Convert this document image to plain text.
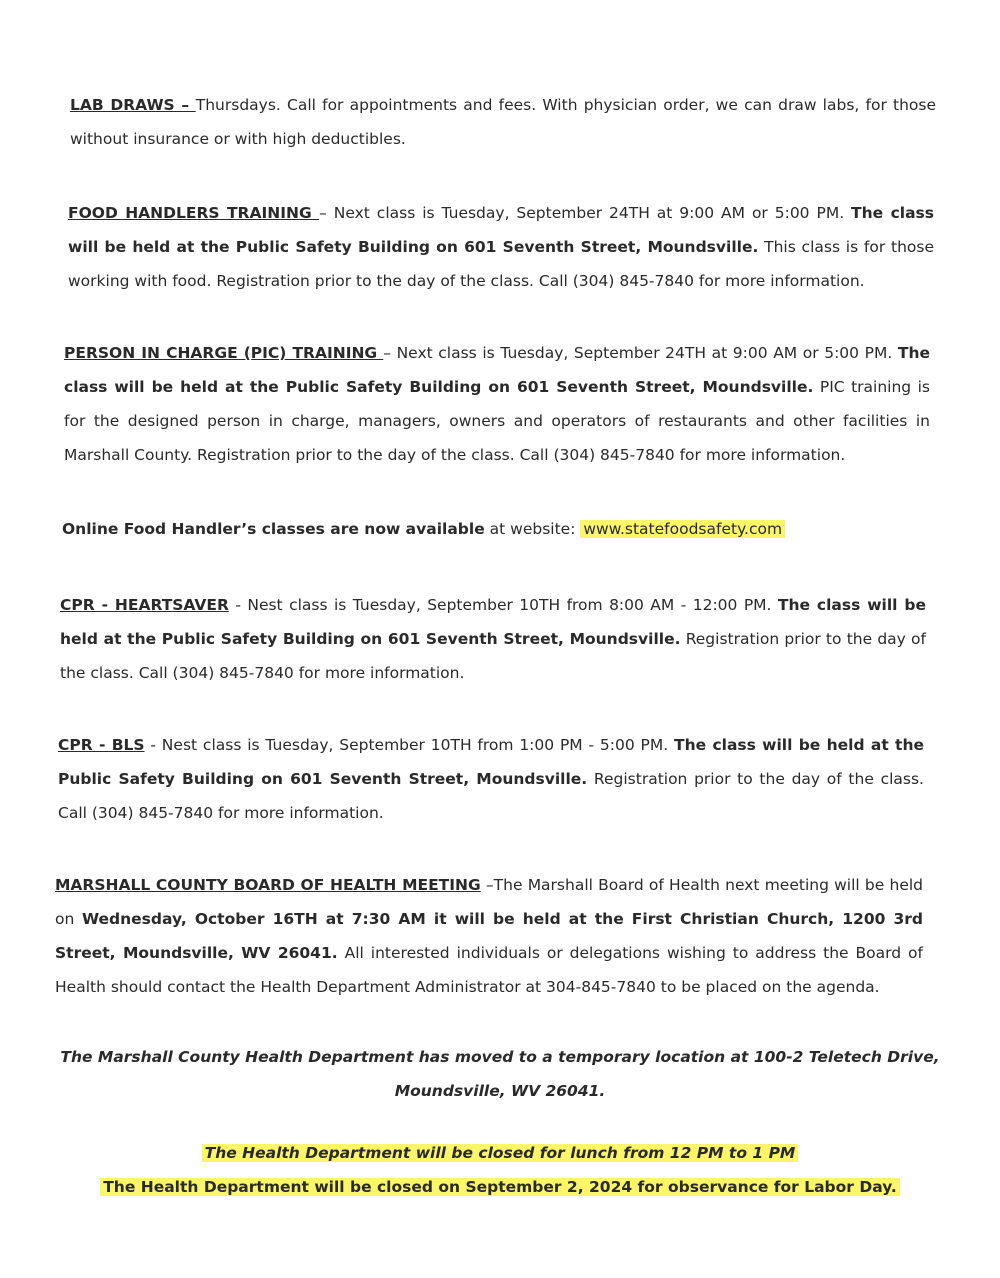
LAB DRAWS – Thursdays. Call for appointments and fees. With physician order, we can draw labs, for those without insurance or with high deductibles.
FOOD HANDLERS TRAINING – Next class is Tuesday, September 24TH at 9:00 AM or 5:00 PM. The class will be held at the Public Safety Building on 601 Seventh Street, Moundsville. This class is for those working with food. Registration prior to the day of the class. Call (304) 845-7840 for more information.
PERSON IN CHARGE (PIC) TRAINING – Next class is Tuesday, September 24TH at 9:00 AM or 5:00 PM. The class will be held at the Public Safety Building on 601 Seventh Street, Moundsville. PIC training is for the designed person in charge, managers, owners and operators of restaurants and other facilities in Marshall County. Registration prior to the day of the class. Call (304) 845-7840 for more information.
Online Food Handler’s classes are now available at website: www.statefoodsafety.com
CPR - HEARTSAVER - Nest class is Tuesday, September 10TH from 8:00 AM - 12:00 PM. The class will be held at the Public Safety Building on 601 Seventh Street, Moundsville. Registration prior to the day of the class. Call (304) 845-7840 for more information.
CPR - BLS - Nest class is Tuesday, September 10TH from 1:00 PM - 5:00 PM. The class will be held at the Public Safety Building on 601 Seventh Street, Moundsville. Registration prior to the day of the class. Call (304) 845-7840 for more information.
MARSHALL COUNTY BOARD OF HEALTH MEETING –The Marshall Board of Health next meeting will be held on Wednesday, October 16TH at 7:30 AM it will be held at the First Christian Church, 1200 3rd Street, Moundsville, WV 26041. All interested individuals or delegations wishing to address the Board of Health should contact the Health Department Administrator at 304-845-7840 to be placed on the agenda.
The Marshall County Health Department has moved to a temporary location at 100-2 Teletech Drive,
Moundsville, WV 26041.
The Health Department will be closed for lunch from 12 PM to 1 PM
The Health Department will be closed on September 2, 2024 for observance for Labor Day.
